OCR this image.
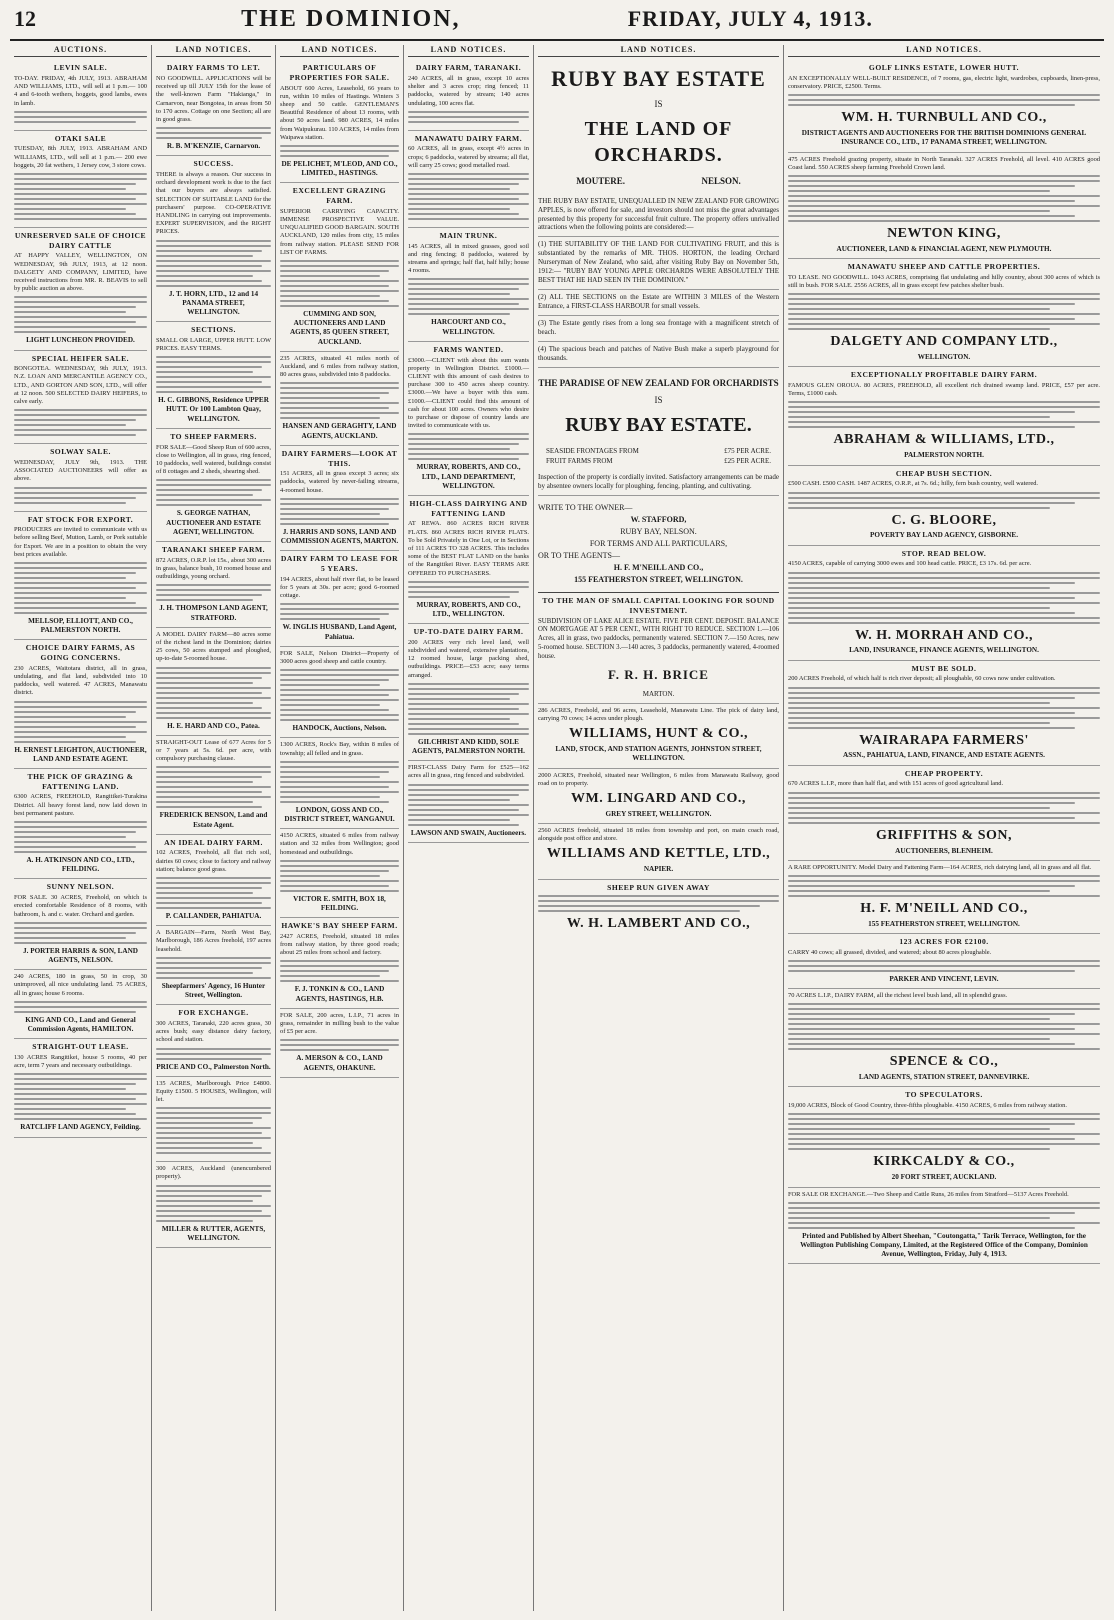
12	THE DOMINION,	FRIDAY, JULY 4, 1913.
AUCTIONS.
LEVIN SALE.

TO-DAY. FRIDAY, 4th JULY, 1913. ABRAHAM AND WILLIAMS, LTD., will sell at 1 p.m.— 100 4 and 6-tooth wethers, hoggets, good lambs, ewes in lamb.

OTAKI SALE

TUESDAY, 8th JULY, 1913. ABRAHAM AND WILLIAMS, LTD., will sell at 1 p.m.— 200 ewe hoggets, 20 fat wethers, 1 Jersey cow, 3 store cows.

UNRESERVED SALE OF CHOICE DAIRY CATTLE

AT HAPPY VALLEY, WELLINGTON, ON WEDNESDAY, 9th JULY, 1913, at 12 noon. DALGETY AND COMPANY, LIMITED, have received instructions from MR. R. BEAVIS to sell by public auction as above.

LIGHT LUNCHEON PROVIDED.
SPECIAL HEIFER SALE.

BONGOTEA. WEDNESDAY, 9th JULY, 1913. N.Z. LOAN AND MERCANTILE AGENCY CO., LTD., AND GORTON AND SON, LTD., will offer at 12 noon. 500 SELECTED DAIRY HEIFERS, to calve early.

SOLWAY SALE.

WEDNESDAY, JULY 9th, 1913. THE ASSOCIATED AUCTIONEERS will offer as above.

FAT STOCK FOR EXPORT.

PRODUCERS are invited to communicate with us before selling Beef, Mutton, Lamb, or Pork suitable for Export. We are in a position to obtain the very best prices available.

MELLSOP, ELLIOTT, AND CO., PALMERSTON NORTH.
CHOICE DAIRY FARMS, AS GOING CONCERNS.

230 ACRES, Waitotara district, all in grass, undulating, and flat land, subdivided into 10 paddocks, well watered. 47 ACRES, Manawatu district.

H. ERNEST LEIGHTON, AUCTIONEER, LAND AND ESTATE AGENT.
THE PICK OF GRAZING & FATTENING LAND.

6300 ACRES, FREEHOLD, Rangitikei-Turakina District. All heavy forest land, now laid down in best permanent pasture.

A. H. ATKINSON AND CO., LTD., FEILDING.
SUNNY NELSON.

FOR SALE. 30 ACRES, Freehold, on which is erected comfortable Residence of 8 rooms, with bathroom, h. and c. water. Orchard and garden.

J. PORTER HARRIS & SON, LAND AGENTS, NELSON.

240 ACRES, 180 in grass, 50 in crop, 30 unimproved, all nice undulating land. 75 ACRES, all in grass; house 6 rooms.

KING AND CO., Land and General Commission Agents, HAMILTON.
STRAIGHT-OUT LEASE.

130 ACRES Rangitikei, house 5 rooms, 40 per acre, term 7 years and necessary outbuildings.

RATCLIFF LAND AGENCY, Feilding.
LAND NOTICES.
DAIRY FARMS TO LET.

NO GOODWILL. APPLICATIONS will be received up till JULY 15th for the lease of the well-known Farm "Hakianga," in Carnarvon, near Bongotea, in areas from 50 to 170 acres. Cottage on one Section; all are in good grass.

R. B. M'KENZIE, Carnarvon.
SUCCESS.

THERE is always a reason. Our success in orchard development work is due to the fact that our buyers are always satisfied. SELECTION OF SUITABLE LAND for the purchasers' purpose. CO-OPERATIVE HANDLING in carrying out improvements. EXPERT SUPERVISION, and the RIGHT PRICES.

J. T. HORN, LTD., 12 and 14 PANAMA STREET, WELLINGTON.
SECTIONS.

SMALL OR LARGE, UPPER HUTT. LOW PRICES. EASY TERMS.

H. C. GIBBONS, Residence UPPER HUTT. Or 100 Lambton Quay, WELLINGTON.
TO SHEEP FARMERS.

FOR SALE—Good Sheep Run of 600 acres, close to Wellington, all in grass, ring fenced, 10 paddocks, well watered, buildings consist of 8 cottages and 2 sheds, shearing shed.

S. GEORGE NATHAN, AUCTIONEER AND ESTATE AGENT, WELLINGTON.
TARANAKI SHEEP FARM.

872 ACRES, O.R.P. lot 15s., about 300 acres in grass, balance bush, 10 roomed house and outbuildings, young orchard.

J. H. THOMPSON LAND AGENT, STRATFORD.

A MODEL DAIRY FARM—80 acres some of the richest land in the Dominion; dairies 25 cows, 50 acres stumped and ploughed, up-to-date 5-roomed house.

H. E. HARD AND CO., Patea.

STRAIGHT-OUT Lease of 677 Acres for 5 or 7 years at 5s. 6d. per acre, with compulsory purchasing clause.

FREDERICK BENSON, Land and Estate Agent.
AN IDEAL DAIRY FARM.

102 ACRES, Freehold, all flat rich soil, dairies 60 cows; close to factory and railway station; balance good grass.

P. CALLANDER, PAHIATUA.

A BARGAIN—Farm, North West Bay, Marlborough, 186 Acres freehold, 197 acres leasehold.

Sheepfarmers' Agency, 16 Hunter Street, Wellington.
FOR EXCHANGE.

300 ACRES, Taranaki, 220 acres grass, 30 acres bush; easy distance dairy factory, school and station.

PRICE AND CO., Palmerston North.

135 ACRES, Marlborough. Price £4800. Equity £1500. 5 HOUSES, Wellington, will let.

300 ACRES, Auckland (unencumbered property).

MILLER & RUTTER, AGENTS, WELLINGTON.
LAND NOTICES.
PARTICULARS OF PROPERTIES FOR SALE.

ABOUT 600 Acres, Leasehold, 66 years to run, within 10 miles of Hastings. Winters 3 sheep and 50 cattle. GENTLEMAN'S Beautiful Residence of about 13 rooms, with about 50 acres land. 980 ACRES, 14 miles from Waipukurau. 110 ACRES, 14 miles from Waipawa station.

DE PELICHET, M'LEOD, AND CO., LIMITED., HASTINGS.
EXCELLENT GRAZING FARM.

SUPERIOR CARRYING CAPACITY. IMMENSE PROSPECTIVE VALUE. UNQUALIFIED GOOD BARGAIN. SOUTH AUCKLAND, 120 miles from city, 15 miles from railway station. PLEASE SEND FOR LIST OF FARMS.

CUMMING AND SON, AUCTIONEERS AND LAND AGENTS, 85 QUEEN STREET, AUCKLAND.

235 ACRES, situated 41 miles north of Auckland, and 6 miles from railway station, 80 acres grass, subdivided into 8 paddocks.

HANSEN AND GERAGHTY, LAND AGENTS, AUCKLAND.
DAIRY FARMERS—LOOK AT THIS.

151 ACRES, all in grass except 3 acres; six paddocks, watered by never-failing streams, 4-roomed house.

J. HARRIS AND SONS, LAND AND COMMISSION AGENTS, MARTON.
DAIRY FARM TO LEASE FOR 5 YEARS.

194 ACRES, about half river flat, to be leased for 5 years at 30s. per acre; good 6-roomed cottage.

W. INGLIS HUSBAND, Land Agent, Pahiatua.

FOR SALE, Nelson District—Property of 3000 acres good sheep and cattle country.

HANDOCK, Auctions, Nelson.

1300 ACRES, Rock's Bay, within 8 miles of township; all felled and in grass.

LONDON, GOSS AND CO., DISTRICT STREET, WANGANUI.

4150 ACRES, situated 6 miles from railway station and 32 miles from Wellington; good homestead and outbuildings.

VICTOR E. SMITH, BOX 18, FEILDING.
HAWKE'S BAY SHEEP FARM.

2427 ACRES, Freehold, situated 18 miles from railway station, by three good roads; about 25 miles from school and factory.

F. J. TONKIN & CO., LAND AGENTS, HASTINGS, H.B.

FOR SALE, 200 acres, L.I.P., 71 acres in grass, remainder in milling bush to the value of £5 per acre.

A. MERSON & CO., LAND AGENTS, OHAKUNE.
LAND NOTICES.
DAIRY FARM, TARANAKI.

240 ACRES, all in grass, except 10 acres shelter and 3 acres crop; ring fenced; 11 paddocks, watered by stream; 140 acres undulating, 100 acres flat.

MANAWATU DAIRY FARM.

60 ACRES, all in grass, except 4½ acres in crops; 6 paddocks, watered by streams; all flat, will carry 25 cows; good metalled road.

MAIN TRUNK.

145 ACRES, all in mixed grasses, good soil and ring fencing; 8 paddocks, watered by streams and springs; half flat, half hilly; house 4 rooms.

HARCOURT AND CO., WELLINGTON.
FARMS WANTED.

£3000.—CLIENT with about this sum wants property in Wellington District. £1000.—CLIENT with this amount of cash desires to purchase 300 to 450 acres sheep country. £3000.—We have a buyer with this sum. £1000.—CLIENT could find this amount of cash for about 100 acres. Owners who desire to purchase or dispose of country lands are invited to communicate with us.

MURRAY, ROBERTS, AND CO., LTD., LAND DEPARTMENT, WELLINGTON.
HIGH-CLASS DAIRYING AND FATTENING LAND

AT REWA. 860 ACRES RICH RIVER FLATS. 860 ACRES RICH RIVER FLATS. To be Sold Privately in One Lot, or in Sections of 111 ACRES TO 328 ACRES. This includes some of the BEST FLAT LAND on the banks of the Rangitikei River. EASY TERMS ARE OFFERED TO PURCHASERS.

MURRAY, ROBERTS, AND CO., LTD., WELLINGTON.
UP-TO-DATE DAIRY FARM.

200 ACRES very rich level land, well subdivided and watered, extensive plantations, 12 roomed house, large packing shed, outbuildings. PRICE—£53 acre; easy terms arranged.

GILCHRIST AND KIDD, SOLE AGENTS, PALMERSTON NORTH.

FIRST-CLASS Dairy Farm for £525—162 acres all in grass, ring fenced and subdivided.

LAWSON AND SWAIN, Auctioneers.
LAND NOTICES.
RUBY BAY ESTATE
IS
THE LAND OF ORCHARDS.
MOUTERE.	NELSON.

THE RUBY BAY ESTATE, UNEQUALLED IN NEW ZEALAND FOR GROWING APPLES, is now offered for sale, and investors should not miss the great advantages presented by this property for successful fruit culture. The property offers unrivalled attractions when the following points are considered:—

(1) THE SUITABILITY OF THE LAND FOR CULTIVATING FRUIT, and this is substantiated by the remarks of MR. THOS. HORTON, the leading Orchard Nurseryman of New Zealand, who said, after visiting Ruby Bay on November 5th, 1912:— "RUBY BAY YOUNG APPLE ORCHARDS WERE ABSOLUTELY THE BEST THAT HE HAD SEEN IN THE DOMINION."

(2) ALL THE SECTIONS on the Estate are WITHIN 3 MILES of the Western Entrance, a FIRST-CLASS HARBOUR for small vessels.

(3) The Estate gently rises from a long sea frontage with a magnificent stretch of beach.

(4) The spacious beach and patches of Native Bush make a superb playground for thousands.

THE PARADISE OF NEW ZEALAND FOR ORCHARDISTS
IS
RUBY BAY ESTATE.
SEASIDE FRONTAGES FROM	£75 PER ACRE.
FRUIT FARMS FROM	£25 PER ACRE.

Inspection of the property is cordially invited. Satisfactory arrangements can be made by absentee owners locally for ploughing, fencing, planting, and cultivating.

WRITE TO THE OWNER—
W. STAFFORD,
RUBY BAY, NELSON.
FOR TERMS AND ALL PARTICULARS,
OR TO THE AGENTS—
H. F. M'NEILL AND CO.,
155 FEATHERSTON STREET, WELLINGTON.
TO THE MAN OF SMALL CAPITAL LOOKING FOR SOUND INVESTMENT.

SUBDIVISION OF LAKE ALICE ESTATE. FIVE PER CENT. DEPOSIT. BALANCE ON MORTGAGE AT 5 PER CENT., WITH RIGHT TO REDUCE. SECTION 1.—106 Acres, all in grass, two paddocks, permanently watered. SECTION 7.—150 Acres, new 5-roomed house. SECTION 3.—140 acres, 3 paddocks, permanently watered, 4-roomed house.

F. R. H. BRICE
MARTON.

286 ACRES, Freehold, and 96 acres, Leasehold, Manawatu Line. The pick of dairy land, carrying 70 cows; 14 acres under plough.

WILLIAMS, HUNT & CO.,
LAND, STOCK, AND STATION AGENTS, JOHNSTON STREET, WELLINGTON.

2000 ACRES, Freehold, situated near Wellington, 6 miles from Manawatu Railway, good road on to property.

WM. LINGARD AND CO.,
GREY STREET, WELLINGTON.

2560 ACRES freehold, situated 18 miles from township and port, on main coach road, alongside post office and store.

WILLIAMS AND KETTLE, LTD.,
NAPIER.
SHEEP RUN GIVEN AWAY
W. H. LAMBERT AND CO.,
LAND NOTICES.
GOLF LINKS ESTATE, LOWER HUTT.

AN EXCEPTIONALLY WELL-BUILT RESIDENCE, of 7 rooms, gas, electric light, wardrobes, cupboards, linen-press, conservatory. PRICE, £2500. Terms.

WM. H. TURNBULL AND CO.,
DISTRICT AGENTS AND AUCTIONEERS FOR THE BRITISH DOMINIONS GENERAL INSURANCE CO., LTD., 17 PANAMA STREET, WELLINGTON.

475 ACRES Freehold grazing property, situate in North Taranaki. 327 ACRES Freehold, all level. 410 ACRES good Coast land. 550 ACRES sheep farming Freehold Crown land.

NEWTON KING,
AUCTIONEER, LAND & FINANCIAL AGENT, NEW PLYMOUTH.
MANAWATU SHEEP AND CATTLE PROPERTIES.

TO LEASE. NO GOODWILL. 1043 ACRES, comprising flat undulating and hilly country, about 300 acres of which is still in bush. FOR SALE. 2556 ACRES, all in grass except few patches shelter bush.

DALGETY AND COMPANY LTD.,
WELLINGTON.
EXCEPTIONALLY PROFITABLE DAIRY FARM.

FAMOUS GLEN OROUA. 80 ACRES, FREEHOLD, all excellent rich drained swamp land. PRICE, £57 per acre. Terms, £1000 cash.

ABRAHAM & WILLIAMS, LTD.,
PALMERSTON NORTH.
CHEAP BUSH SECTION.

£500 CASH. £500 CASH. 1487 ACRES, O.R.P., at 7s. 6d.; hilly, fern bush country, well watered.

C. G. BLOORE,
POVERTY BAY LAND AGENCY, GISBORNE.
STOP. READ BELOW.

4150 ACRES, capable of carrying 3000 ewes and 100 head cattle. PRICE, £3 17s. 6d. per acre.

W. H. MORRAH AND CO.,
LAND, INSURANCE, FINANCE AGENTS, WELLINGTON.
MUST BE SOLD.

200 ACRES Freehold, of which half is rich river deposit; all ploughable, 60 cows now under cultivation.

WAIRARAPA FARMERS'
ASSN., PAHIATUA, LAND, FINANCE, AND ESTATE AGENTS.
CHEAP PROPERTY.

670 ACRES L.I.P., more than half flat, and with 151 acres of good agricultural land.

GRIFFITHS & SON,
AUCTIONEERS, BLENHEIM.

A RARE OPPORTUNITY. Model Dairy and Fattening Farm—164 ACRES, rich dairying land, all in grass and all flat.

H. F. M'NEILL AND CO.,
155 FEATHERSTON STREET, WELLINGTON.
123 ACRES FOR £2100.

CARRY 40 cows; all grassed, divided, and watered; about 80 acres ploughable.

PARKER AND VINCENT, LEVIN.

70 ACRES L.I.P., DAIRY FARM, all the richest level bush land, all in splendid grass.

SPENCE & CO.,
LAND AGENTS, STATION STREET, DANNEVIRKE.
TO SPECULATORS.

19,000 ACRES, Block of Good Country, three-fifths ploughable. 4150 ACRES, 6 miles from railway station.

KIRKCALDY & CO.,
20 FORT STREET, AUCKLAND.

FOR SALE OR EXCHANGE.—Two Sheep and Cattle Runs, 26 miles from Stratford—5137 Acres Freehold.

Printed and Published by Albert Sheehan, "Coutongatta," Tarik Terrace, Wellington, for the Wellington Publishing Company, Limited, at the Registered Office of the Company, Dominion Avenue, Wellington, Friday, July 4, 1913.
